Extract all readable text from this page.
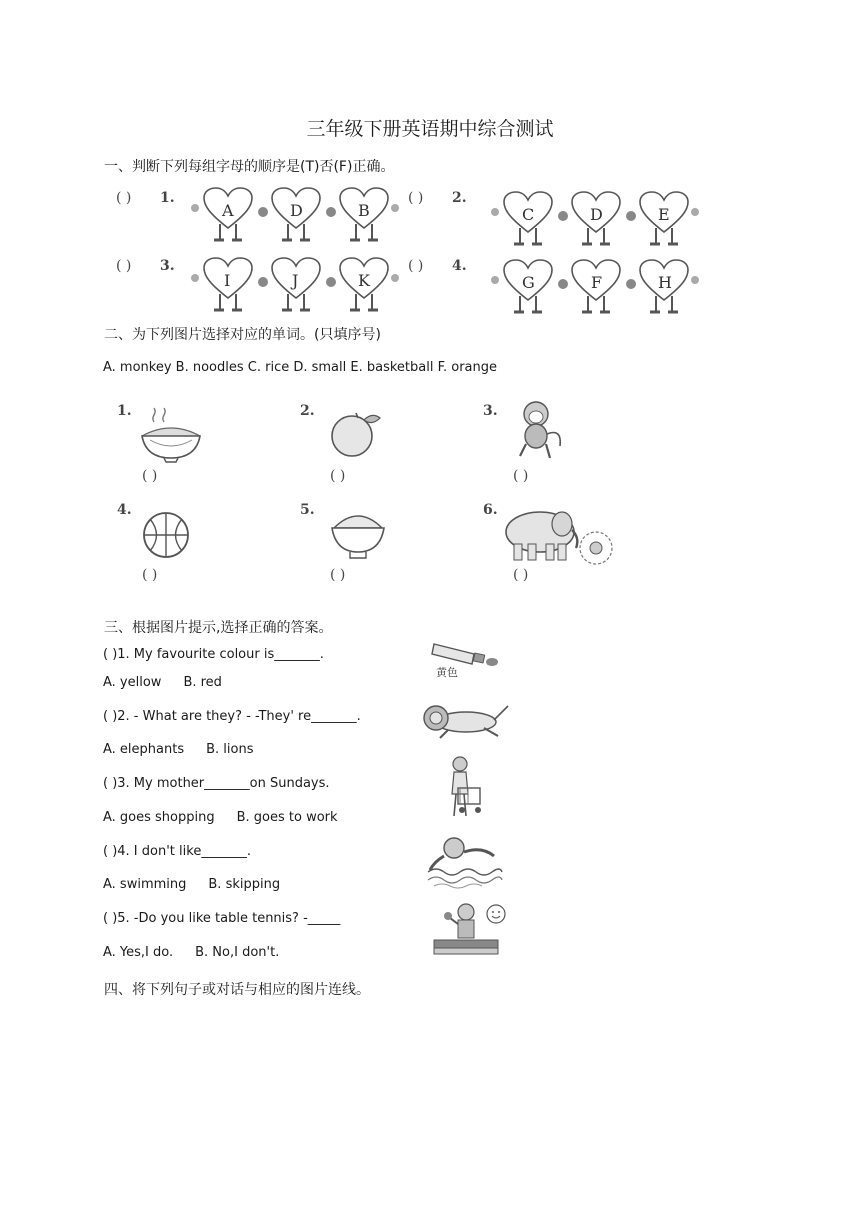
三年级下册英语期中综合测试
一、判断下列每组字母的顺序是(T)否(F)正确。
( ) 1.
A	D	B
( ) 2.
C	D	E
( ) 3.
I	J	K
( ) 4.
G	F	H
二、为下列图片选择对应的单词。(只填序号)
A. monkey B. noodles C. rice D. small E. basketball F. orange
1.
( )
2.
( )
3.
( )
4.
( )
5.
( )
6.
( )
三、根据图片提示,选择正确的答案。
( )1. My favourite colour is_______.
A. yellow B. red
黄色
( )2. - What are they? - -They' re_______.
A. elephants B. lions
( )3. My mother_______on Sundays.
A. goes shopping B. goes to work
( )4. I don't like_______.
A. swimming B. skipping
( )5. -Do you like table tennis? -_____
A. Yes,I do. B. No,I don't.
四、将下列句子或对话与相应的图片连线。
